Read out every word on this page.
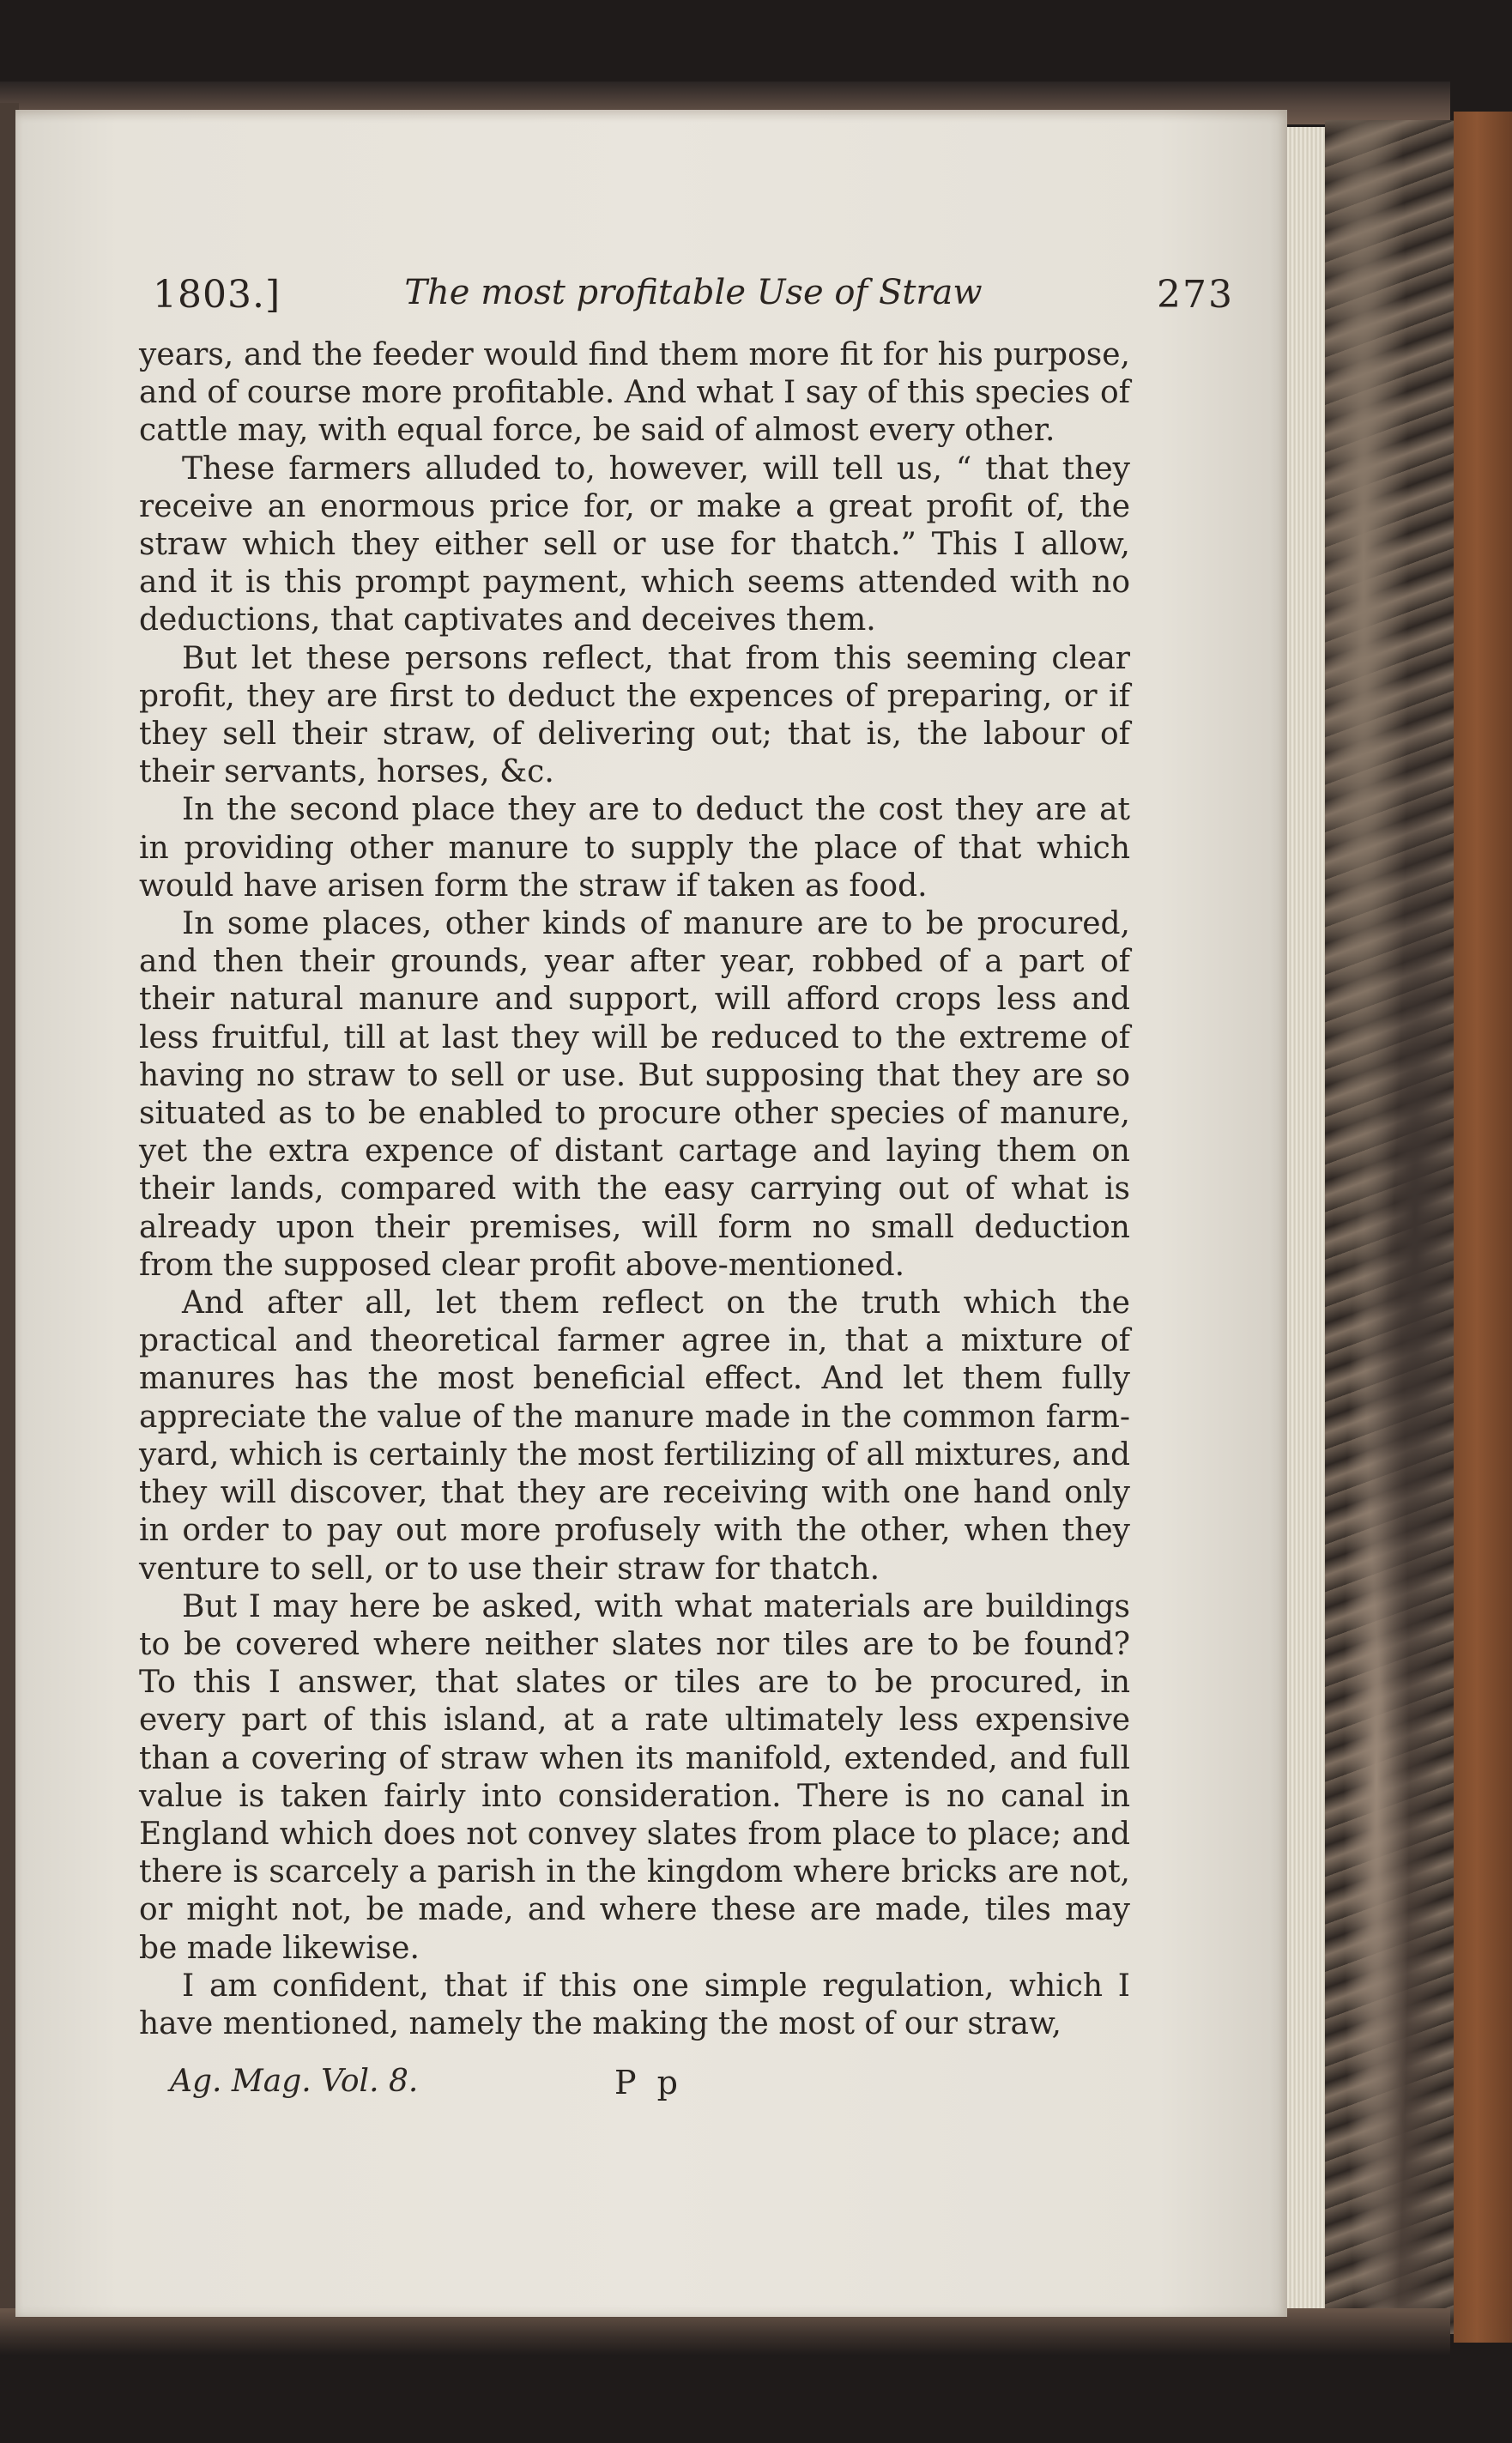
1803.]	The most profitable Use of Straw	273

years, and the feeder would find them more fit for his purpose, and of course more profitable. And what I say of this species of cattle may, with equal force, be said of almost every other.

These farmers alluded to, however, will tell us, “ that they receive an enormous price for, or make a great profit of, the straw which they either sell or use for thatch.” This I allow, and it is this prompt payment, which seems attended with no deductions, that captivates and deceives them.

But let these persons reflect, that from this seeming clear profit, they are first to deduct the expences of preparing, or if they sell their straw, of delivering out; that is, the labour of their servants, horses, &c.

In the second place they are to deduct the cost they are at in providing other manure to supply the place of that which would have arisen form the straw if taken as food.

In some places, other kinds of manure are to be procured, and then their grounds, year after year, robbed of a part of their natural manure and support, will afford crops less and less fruitful, till at last they will be reduced to the extreme of having no straw to sell or use. But supposing that they are so situated as to be enabled to procure other species of manure, yet the extra expence of distant cartage and laying them on their lands, compared with the easy carrying out of what is already upon their premises, will form no small deduction from the supposed clear profit above-mentioned.

And after all, let them reflect on the truth which the practical and theoretical farmer agree in, that a mixture of manures has the most beneficial effect. And let them fully appreciate the value of the manure made in the common farm-yard, which is certainly the most fertilizing of all mixtures, and they will discover, that they are receiving with one hand only in order to pay out more profusely with the other, when they venture to sell, or to use their straw for thatch.

But I may here be asked, with what materials are buildings to be covered where neither slates nor tiles are to be found? To this I answer, that slates or tiles are to be procured, in every part of this island, at a rate ultimately less expensive than a covering of straw when its manifold, extended, and full value is taken fairly into consideration. There is no canal in England which does not convey slates from place to place; and there is scarcely a parish in the kingdom where bricks are not, or might not, be made, and where these are made, tiles may be made likewise.

I am confident, that if this one simple regulation, which I have mentioned, namely the making the most of our straw,

Ag. Mag. Vol. 8.	P p
